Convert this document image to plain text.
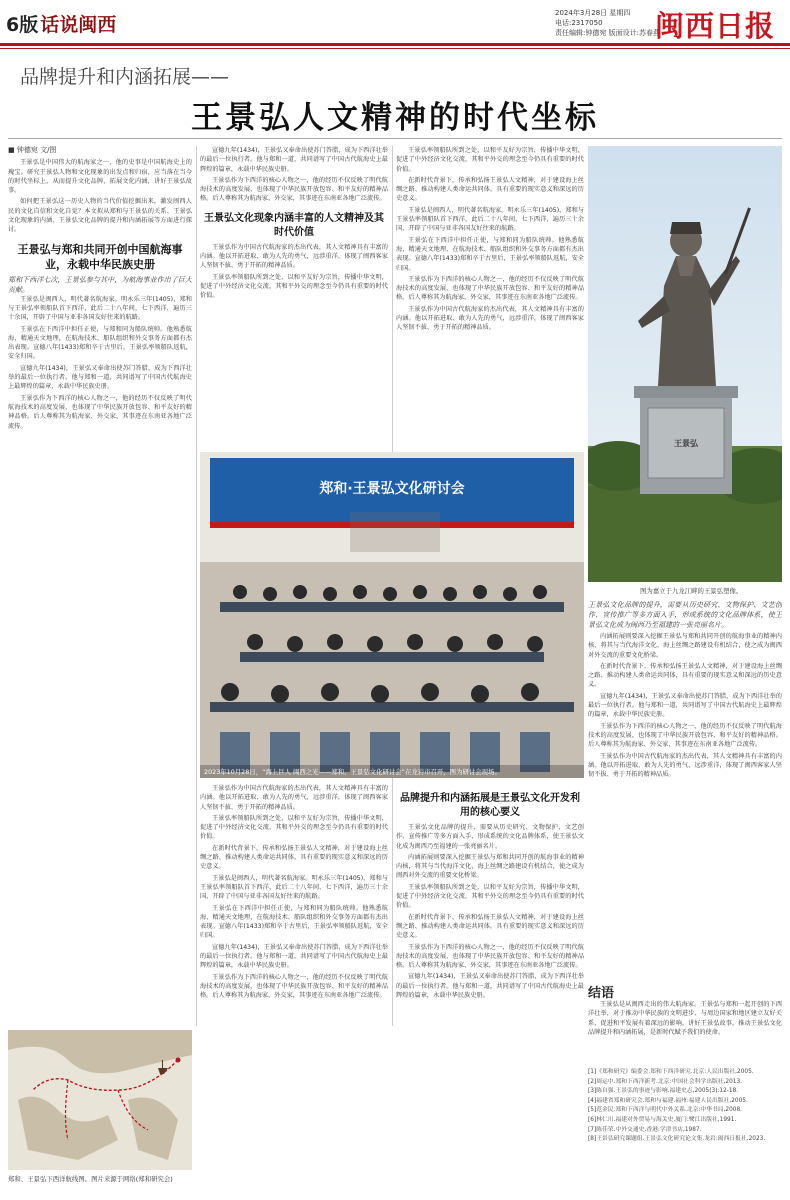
6版 话说闽西
2024年3月28日 星期四
电话:2317050
责任编辑:钟德宛 版面设计:苏春燕
闽西日报
品牌提升和内涵拓展——
王景弘人文精神的时代坐标
■ 钟德宛 文/图

王景弘是中国伟大的航海家之一，他的史事是中国航海史上的瑰宝。研究王景弘人物和文化现象的出发点和归宿，应当落在当今的时代坐标上，从而提升文化品牌、拓展文化内涵，讲好王景弘故事。

如何把王景弘这一历史人物的当代价值挖掘出来，激发闽西人民的文化自信和文化自觉？本文拟从郑和与王景弘的关系、王景弘文化现象的内涵、王景弘文化品牌的提升和内涵拓展等方面进行探讨。

王景弘与郑和共同开创中国航海事业，永载中华民族史册
郑和下西洋七次，王景弘参与其中，为航海事业作出了巨大贡献。

王景弘是闽西人，明代著名航海家。明永乐三年(1405)，郑和与王景弘率领船队首下西洋，此后二十八年间，七下西洋，遍历三十余国，开辟了中国与亚非各国友好往来的航路。

王景弘在下西洋中担任正使，与郑和同为船队统帅。他熟悉航海，精通天文地理，在航海技术、船队组织和外交事务方面都有杰出表现。宣德八年(1433)郑和卒于古里后，王景弘率领船队返航，安全归国。

宣德九年(1434)，王景弘又奉命出使苏门答腊，成为下西洋壮举的最后一位执行者。他与郑和一道，共同谱写了中国古代航海史上最辉煌的篇章，永载中华民族史册。

王景弘作为下西洋的核心人物之一，他的经历不仅反映了明代航海技术的高度发展，也体现了中华民族开放包容、和平友好的精神品格。后人尊称其为航海家、外交家，其事迹在东南亚各地广泛流传。

宣德九年(1434)，王景弘又奉命出使苏门答腊，成为下西洋壮举的最后一位执行者。他与郑和一道，共同谱写了中国古代航海史上最辉煌的篇章，永载中华民族史册。

王景弘作为下西洋的核心人物之一，他的经历不仅反映了明代航海技术的高度发展，也体现了中华民族开放包容、和平友好的精神品格。后人尊称其为航海家、外交家，其事迹在东南亚各地广泛流传。

王景弘文化现象内涵丰富的人文精神及其时代价值

王景弘作为中国古代航海家的杰出代表，其人文精神具有丰富的内涵。他以开拓进取、敢为人先的勇气，远涉重洋，体现了闽西客家人坚韧不拔、勇于开拓的精神品质。

王景弘率领船队所到之处，以和平友好为宗旨，传播中华文明，促进了中外经济文化交流，其和平外交的理念至今仍具有重要的时代价值。

王景弘率领船队所到之处，以和平友好为宗旨，传播中华文明，促进了中外经济文化交流，其和平外交的理念至今仍具有重要的时代价值。

在新时代背景下，传承和弘扬王景弘人文精神，对于建设海上丝绸之路、推动构建人类命运共同体，具有重要的现实意义和深远的历史意义。

王景弘是闽西人，明代著名航海家。明永乐三年(1405)，郑和与王景弘率领船队首下西洋，此后二十八年间，七下西洋，遍历三十余国，开辟了中国与亚非各国友好往来的航路。

王景弘在下西洋中担任正使，与郑和同为船队统帅。他熟悉航海，精通天文地理，在航海技术、船队组织和外交事务方面都有杰出表现。宣德八年(1433)郑和卒于古里后，王景弘率领船队返航，安全归国。

王景弘作为下西洋的核心人物之一，他的经历不仅反映了明代航海技术的高度发展，也体现了中华民族开放包容、和平友好的精神品格。后人尊称其为航海家、外交家，其事迹在东南亚各地广泛流传。

王景弘作为中国古代航海家的杰出代表，其人文精神具有丰富的内涵。他以开拓进取、敢为人先的勇气，远涉重洋，体现了闽西客家人坚韧不拔、勇于开拓的精神品质。

王景弘
图为嘉立于九龙江畔的王景弘塑像。

王景弘文化品牌的提升，需要从历史研究、文物保护、文艺创作、宣传推广等多方面入手，形成系统的文化品牌体系，使王景弘文化成为闽西乃至福建的一张亮丽名片。

内涵拓展则要深入挖掘王景弘与郑和共同开创的航海事业的精神内核，将其与当代海洋文化、海上丝绸之路建设有机结合，使之成为闽西对外交流的重要文化桥梁。

在新时代背景下，传承和弘扬王景弘人文精神，对于建设海上丝绸之路、推动构建人类命运共同体，具有重要的现实意义和深远的历史意义。

宣德九年(1434)，王景弘又奉命出使苏门答腊，成为下西洋壮举的最后一位执行者。他与郑和一道，共同谱写了中国古代航海史上最辉煌的篇章，永载中华民族史册。

王景弘作为下西洋的核心人物之一，他的经历不仅反映了明代航海技术的高度发展，也体现了中华民族开放包容、和平友好的精神品格。后人尊称其为航海家、外交家，其事迹在东南亚各地广泛流传。

王景弘作为中国古代航海家的杰出代表，其人文精神具有丰富的内涵。他以开拓进取、敢为人先的勇气，远涉重洋，体现了闽西客家人坚韧不拔、勇于开拓的精神品质。

郑和·王景弘文化研讨会
2023年10月28日，“海上巨人 闽西之光——郑和、王景弘文化研讨会”在龙岩市召开，图为研讨会现场。

王景弘作为中国古代航海家的杰出代表，其人文精神具有丰富的内涵。他以开拓进取、敢为人先的勇气，远涉重洋，体现了闽西客家人坚韧不拔、勇于开拓的精神品质。

王景弘率领船队所到之处，以和平友好为宗旨，传播中华文明，促进了中外经济文化交流，其和平外交的理念至今仍具有重要的时代价值。

在新时代背景下，传承和弘扬王景弘人文精神，对于建设海上丝绸之路、推动构建人类命运共同体，具有重要的现实意义和深远的历史意义。

王景弘是闽西人，明代著名航海家。明永乐三年(1405)，郑和与王景弘率领船队首下西洋，此后二十八年间，七下西洋，遍历三十余国，开辟了中国与亚非各国友好往来的航路。

王景弘在下西洋中担任正使，与郑和同为船队统帅。他熟悉航海，精通天文地理，在航海技术、船队组织和外交事务方面都有杰出表现。宣德八年(1433)郑和卒于古里后，王景弘率领船队返航，安全归国。

宣德九年(1434)，王景弘又奉命出使苏门答腊，成为下西洋壮举的最后一位执行者。他与郑和一道，共同谱写了中国古代航海史上最辉煌的篇章，永载中华民族史册。

王景弘作为下西洋的核心人物之一，他的经历不仅反映了明代航海技术的高度发展，也体现了中华民族开放包容、和平友好的精神品格。后人尊称其为航海家、外交家，其事迹在东南亚各地广泛流传。

品牌提升和内涵拓展是王景弘文化开发利用的核心要义

王景弘文化品牌的提升，需要从历史研究、文物保护、文艺创作、宣传推广等多方面入手，形成系统的文化品牌体系，使王景弘文化成为闽西乃至福建的一张亮丽名片。

内涵拓展则要深入挖掘王景弘与郑和共同开创的航海事业的精神内核，将其与当代海洋文化、海上丝绸之路建设有机结合，使之成为闽西对外交流的重要文化桥梁。

王景弘率领船队所到之处，以和平友好为宗旨，传播中华文明，促进了中外经济文化交流，其和平外交的理念至今仍具有重要的时代价值。

在新时代背景下，传承和弘扬王景弘人文精神，对于建设海上丝绸之路、推动构建人类命运共同体，具有重要的现实意义和深远的历史意义。

王景弘作为下西洋的核心人物之一，他的经历不仅反映了明代航海技术的高度发展，也体现了中华民族开放包容、和平友好的精神品格。后人尊称其为航海家、外交家，其事迹在东南亚各地广泛流传。

宣德九年(1434)，王景弘又奉命出使苏门答腊，成为下西洋壮举的最后一位执行者。他与郑和一道，共同谱写了中国古代航海史上最辉煌的篇章，永载中华民族史册。

郑和、王景弘下西洋航线图。图片来源于网络(郑和研究会)
结语

王景弘是从闽西走出的伟大航海家。王景弘与郑和一起开创的下西洋壮举，对于推动中华民族的文明进步、与周边国家和地区建立友好关系，促进和平发展有着深远的影响。讲好王景弘故事，推动王景弘文化品牌提升和内涵拓展，是新时代赋予我们的使命。

[1]《郑和研究》编委会.郑和下西洋研究.北京:人民出版社,2005.
[2]周运中.郑和下西洋新考.北京:中国社会科学出版社,2013.
[3]陈自强.王景弘的事迹与影响.福建史志,2005(3):12-18.
[4]福建省郑和研究会.郑和与福建.福州:福建人民出版社,2005.
[5]范金民.郑和下西洋与明代中外关系.北京:中华书局,2008.
[6]林仁川.福建对外贸易与海关史.厦门:鹭江出版社,1991.
[7]陈佳荣.中外交通史.香港:学津书店,1987.
[8]王景弘研究课题组.王景弘文化研究论文集.龙岩:闽西日报社,2023.
